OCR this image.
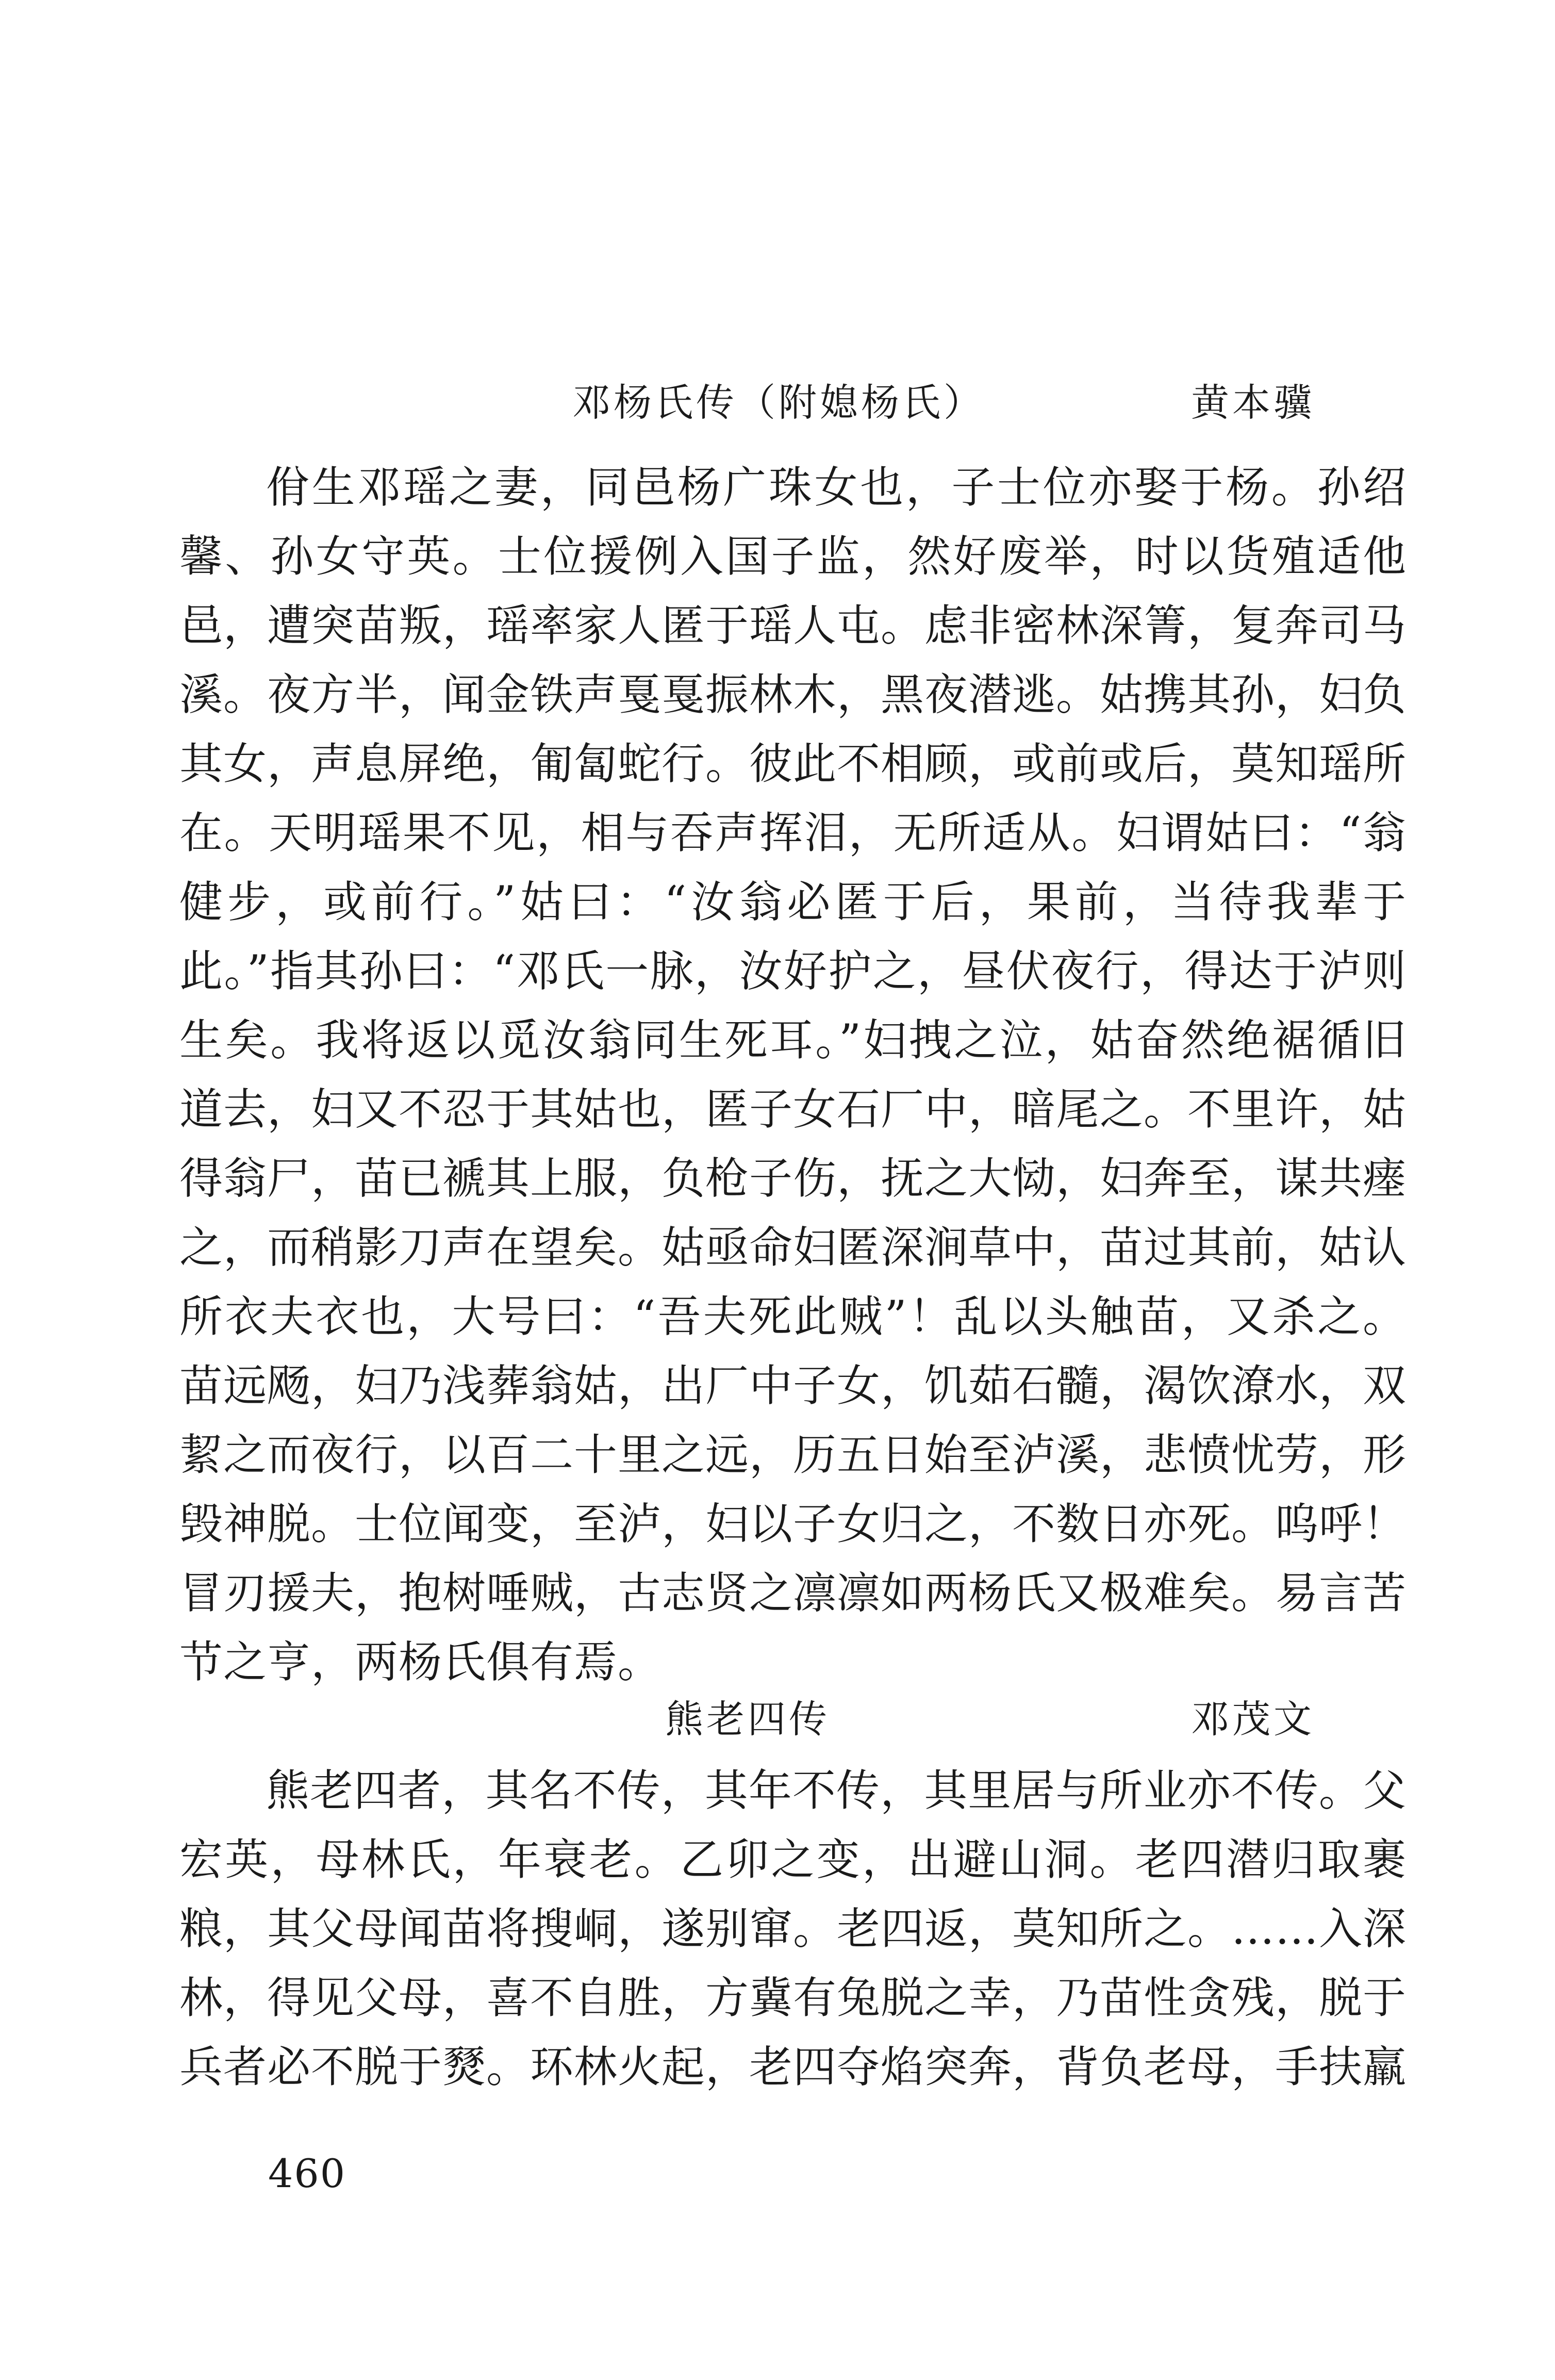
邓杨氏传（附媳杨氏）	黄本骥
佾生邓瑶之妻，同邑杨广珠女也，子士位亦娶于杨。孙绍馨、孙女守英。士位援例入国子监，然好废举，时以货殖适他邑，遭突苗叛，瑶率家人匿于瑶人屯。虑非密林深箐，复奔司马溪。夜方半，闻金铁声戛戛振林木，黑夜潜逃。姑携其孙，妇负其女，声息屏绝，匍匐蛇行。彼此不相顾，或前或后，莫知瑶所在。天明瑶果不见，相与吞声挥泪，无所适从。妇谓姑曰：“翁健步，或前行。”姑曰：“汝翁必匿于后，果前，当待我辈于此。”指其孙曰：“邓氏一脉，汝好护之，昼伏夜行，得达于泸则生矣。我将返以觅汝翁同生死耳。”妇拽之泣，姑奋然绝裾循旧道去，妇又不忍于其姑也，匿子女石厂中，暗尾之。不里许，姑得翁尸，苗已褫其上服，负枪子伤，抚之大恸，妇奔至，谋共瘗之，而稍影刀声在望矣。姑亟命妇匿深涧草中，苗过其前，姑认所衣夫衣也，大号曰：“吾夫死此贼”！乱以头触苗，又杀之。苗远飏，妇乃浅葬翁姑，出厂中子女，饥茹石髓，渴饮潦水，双絜之而夜行，以百二十里之远，历五日始至泸溪，悲愤忧劳，形毁神脱。士位闻变，至泸，妇以子女归之，不数日亦死。呜呼！冒刃援夫，抱树唾贼，古志贤之凛凛如两杨氏又极难矣。易言苦节之亨，两杨氏俱有焉。
熊老四传	邓茂文
熊老四者，其名不传，其年不传，其里居与所业亦不传。父宏英，母林氏，年衰老。乙卯之变，出避山洞。老四潜归取裹粮，其父母闻苗将搜峒，遂别窜。老四返，莫知所之。……入深林，得见父母，喜不自胜，方冀有兔脱之幸，乃苗性贪残，脱于兵者必不脱于燹。环林火起，老四夺焰突奔，背负老母，手扶羸
460
